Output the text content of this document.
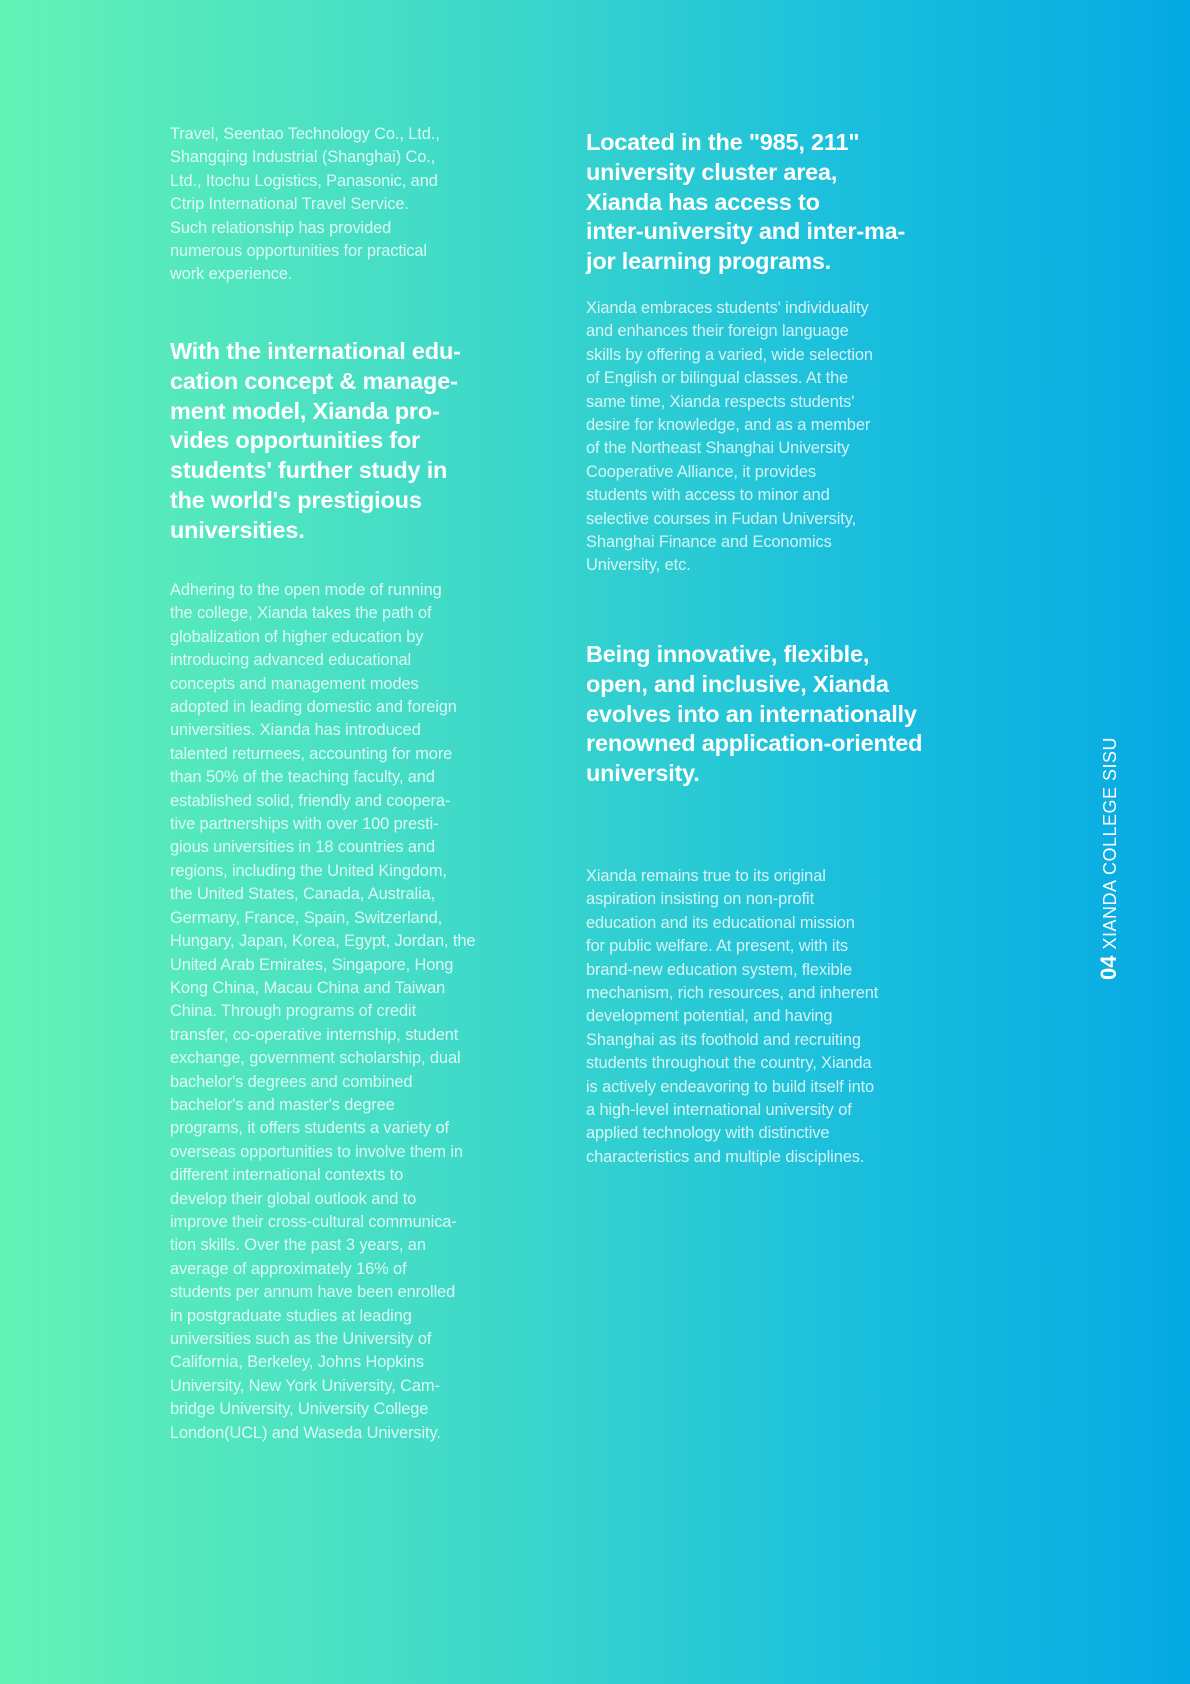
Travel, Seentao Technology Co., Ltd.,
Shangqing Industrial (Shanghai) Co.,
Ltd., Itochu Logistics, Panasonic, and
Ctrip International Travel Service.
Such relationship has provided
numerous opportunities for practical
work experience.

With the international edu-
cation concept & manage-
ment model, Xianda pro-
vides opportunities for
students' further study in
the world's prestigious
universities.

Adhering to the open mode of running
the college, Xianda takes the path of
globalization of higher education by
introducing advanced educational
concepts and management modes
adopted in leading domestic and foreign
universities. Xianda has introduced
talented returnees, accounting for more
than 50% of the teaching faculty, and
established solid, friendly and coopera-
tive partnerships with over 100 presti-
gious universities in 18 countries and
regions, including the United Kingdom,
the United States, Canada, Australia,
Germany, France, Spain, Switzerland,
Hungary, Japan, Korea, Egypt, Jordan, the
United Arab Emirates, Singapore, Hong
Kong China, Macau China and Taiwan
China. Through programs of credit
transfer, co-operative internship, student
exchange, government scholarship, dual
bachelor's degrees and combined
bachelor's and master's degree
programs, it offers students a variety of
overseas opportunities to involve them in
different international contexts to
develop their global outlook and to
improve their cross-cultural communica-
tion skills. Over the past 3 years, an
average of approximately 16% of
students per annum have been enrolled
in postgraduate studies at leading
universities such as the University of
California, Berkeley, Johns Hopkins
University, New York University, Cam-
bridge University, University College
London(UCL) and Waseda University.

Located in the "985, 211"
university cluster area,
Xianda has access to
inter-university and inter-ma-
jor learning programs.

Xianda embraces students' individuality
and enhances their foreign language
skills by offering a varied, wide selection
of English or bilingual classes. At the
same time, Xianda respects students'
desire for knowledge, and as a member
of the Northeast Shanghai University
Cooperative Alliance, it provides
students with access to minor and
selective courses in Fudan University,
Shanghai Finance and Economics
University, etc.

Being innovative, flexible,
open, and inclusive, Xianda
evolves into an internationally
renowned application-oriented
university.

Xianda remains true to its original
aspiration insisting on non-profit
education and its educational mission
for public welfare. At present, with its
brand-new education system, flexible
mechanism, rich resources, and inherent
development potential, and having
Shanghai as its foothold and recruiting
students throughout the country, Xianda
is actively endeavoring to build itself into
a high-level international university of
applied technology with distinctive
characteristics and multiple disciplines.

04XIANDA COLLEGE SISU
